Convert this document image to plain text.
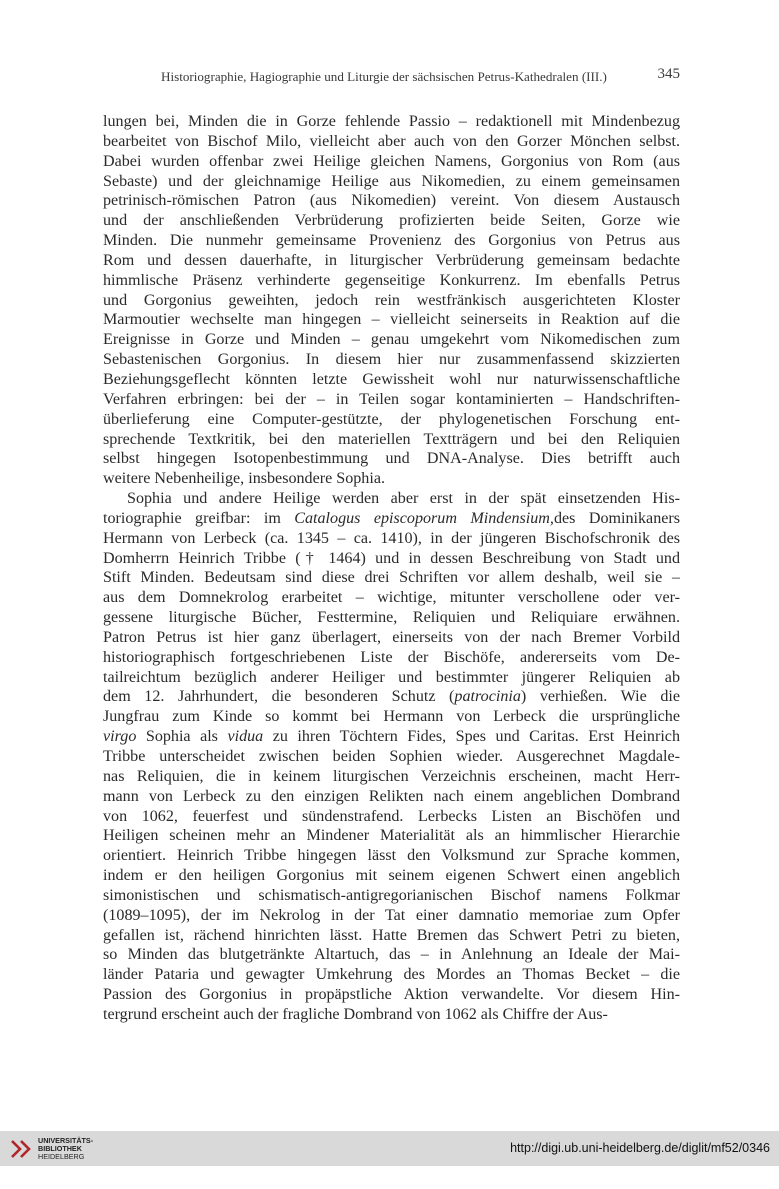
Historiographie, Hagiographie und Liturgie der sächsischen Petrus-Kathedralen (III.)	345
lungen bei, Minden die in Gorze fehlende Passio – redaktionell mit Mindenbezug
bearbeitet von Bischof Milo, vielleicht aber auch von den Gorzer Mönchen selbst.
Dabei wurden offenbar zwei Heilige gleichen Namens, Gorgonius von Rom (aus
Sebaste) und der gleichnamige Heilige aus Nikomedien, zu einem gemeinsamen
petrinisch-römischen Patron (aus Nikomedien) vereint. Von diesem Austausch
und der anschließenden Verbrüderung profizierten beide Seiten, Gorze wie
Minden. Die nunmehr gemeinsame Provenienz des Gorgonius von Petrus aus
Rom und dessen dauerhafte, in liturgischer Verbrüderung gemeinsam bedachte
himmlische Präsenz verhinderte gegenseitige Konkurrenz. Im ebenfalls Petrus
und Gorgonius geweihten, jedoch rein westfränkisch ausgerichteten Kloster
Marmoutier wechselte man hingegen – vielleicht seinerseits in Reaktion auf die
Ereignisse in Gorze und Minden – genau umgekehrt vom Nikomedischen zum
Sebastenischen Gorgonius. In diesem hier nur zusammenfassend skizzierten
Beziehungsgeflecht könnten letzte Gewissheit wohl nur naturwissenschaftliche
Verfahren erbringen: bei der – in Teilen sogar kontaminierten – Handschriften-
überlieferung eine Computer-gestützte, der phylogenetischen Forschung ent-
sprechende Textkritik, bei den materiellen Textträgern und bei den Reliquien
selbst hingegen Isotopenbestimmung und DNA-Analyse. Dies betrifft auch
weitere Nebenheilige, insbesondere Sophia.
Sophia und andere Heilige werden aber erst in der spät einsetzenden His-
toriographie greifbar: im Catalogus episcoporum Mindensium,des Dominikaners
Hermann von Lerbeck (ca. 1345 – ca. 1410), in der jüngeren Bischofschronik des
Domherrn Heinrich Tribbe († 1464) und in dessen Beschreibung von Stadt und
Stift Minden. Bedeutsam sind diese drei Schriften vor allem deshalb, weil sie –
aus dem Domnekrolog erarbeitet – wichtige, mitunter verschollene oder ver-
gessene liturgische Bücher, Festtermine, Reliquien und Reliquiare erwähnen.
Patron Petrus ist hier ganz überlagert, einerseits von der nach Bremer Vorbild
historiographisch fortgeschriebenen Liste der Bischöfe, andererseits vom De-
tailreichtum bezüglich anderer Heiliger und bestimmter jüngerer Reliquien ab
dem 12. Jahrhundert, die besonderen Schutz (patrocinia) verhießen. Wie die
Jungfrau zum Kinde so kommt bei Hermann von Lerbeck die ursprüngliche
virgo Sophia als vidua zu ihren Töchtern Fides, Spes und Caritas. Erst Heinrich
Tribbe unterscheidet zwischen beiden Sophien wieder. Ausgerechnet Magdale-
nas Reliquien, die in keinem liturgischen Verzeichnis erscheinen, macht Herr-
mann von Lerbeck zu den einzigen Relikten nach einem angeblichen Dombrand
von 1062, feuerfest und sündenstrafend. Lerbecks Listen an Bischöfen und
Heiligen scheinen mehr an Mindener Materialität als an himmlischer Hierarchie
orientiert. Heinrich Tribbe hingegen lässt den Volksmund zur Sprache kommen,
indem er den heiligen Gorgonius mit seinem eigenen Schwert einen angeblich
simonistischen und schismatisch-antigregorianischen Bischof namens Folkmar
(1089–1095), der im Nekrolog in der Tat einer damnatio memoriae zum Opfer
gefallen ist, rächend hinrichten lässt. Hatte Bremen das Schwert Petri zu bieten,
so Minden das blutgetränkte Altartuch, das – in Anlehnung an Ideale der Mai-
länder Pataria und gewagter Umkehrung des Mordes an Thomas Becket – die
Passion des Gorgonius in propäpstliche Aktion verwandelte. Vor diesem Hin-
tergrund erscheint auch der fragliche Dombrand von 1062 als Chiffre der Aus-
UNIVERSITÄTS-
BIBLIOTHEK
HEIDELBERG
http://digi.ub.uni-heidelberg.de/diglit/mf52/0346
